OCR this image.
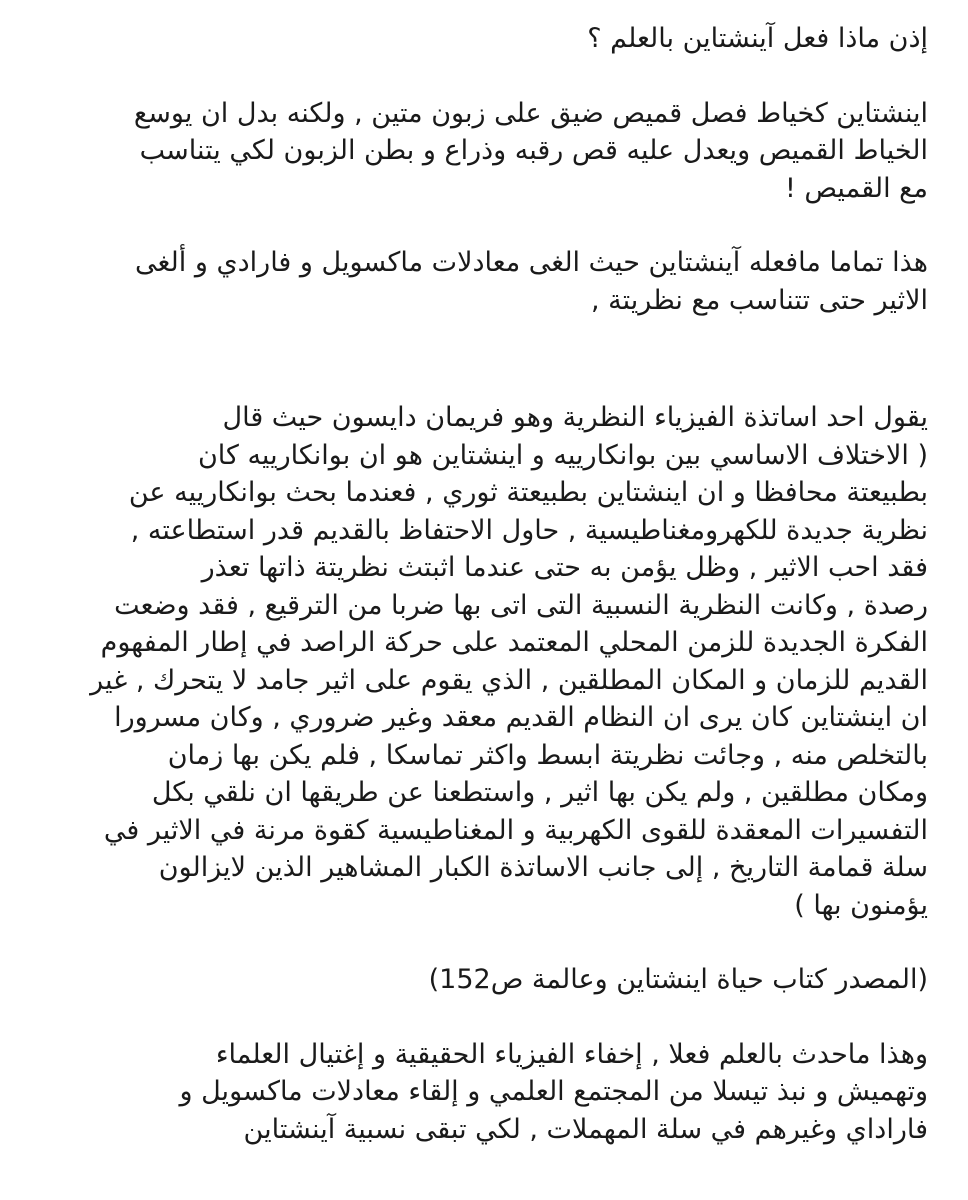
إذن ماذا فعل آينشتاين بالعلم ؟

اينشتاين كخياط فصل قميص ضيق على زبون متين , ولكنه بدل ان يوسع
الخياط القميص ويعدل عليه قص رقبه وذراع و بطن الزبون لكي يتناسب
مع القميص !

هذا تماما مافعله آينشتاين حيث الغى معادلات ماكسويل و فارادي و ألغى
الاثير حتى تتناسب مع نظريتة ,

يقول احد اساتذة الفيزياء النظرية وهو فريمان دايسون حيث قال
( الاختلاف الاساسي بين بوانكارييه و اينشتاين هو ان بوانكارييه كان
بطبيعتة محافظا و ان اينشتاين بطبيعتة ثوري , فعندما بحث بوانكارييه عن
نظرية جديدة للكهرومغناطيسية , حاول الاحتفاظ بالقديم قدر استطاعته ,
فقد احب الاثير , وظل يؤمن به حتى عندما اثبتث نظريتة ذاتها تعذر
رصدة , وكانت النظرية النسبية التى اتى بها ضربا من الترقيع , فقد وضعت
الفكرة الجديدة للزمن المحلي المعتمد على حركة الراصد في إطار المفهوم
القديم للزمان و المكان المطلقين , الذي يقوم على اثير جامد لا يتحرك , غير
ان اينشتاين كان يرى ان النظام القديم معقد وغير ضروري , وكان مسرورا
بالتخلص منه , وجائت نظريتة ابسط واكثر تماسكا , فلم يكن بها زمان
ومكان مطلقين , ولم يكن بها اثير , واستطعنا عن طريقها ان نلقي بكل
التفسيرات المعقدة للقوى الكهربية و المغناطيسية كقوة مرنة في الاثير في
سلة قمامة التاريخ , إلى جانب الاساتذة الكبار المشاهير الذين لايزالون
يؤمنون بها )

(المصدر كتاب حياة اينشتاين وعالمة ص152)

وهذا ماحدث بالعلم فعلا , إخفاء الفيزياء الحقيقية و إغتيال العلماء
وتهميش و نبذ تيسلا من المجتمع العلمي و إلقاء معادلات ماكسويل و
فاراداي وغيرهم في سلة المهملات , لكي تبقى نسبية آينشتاين
